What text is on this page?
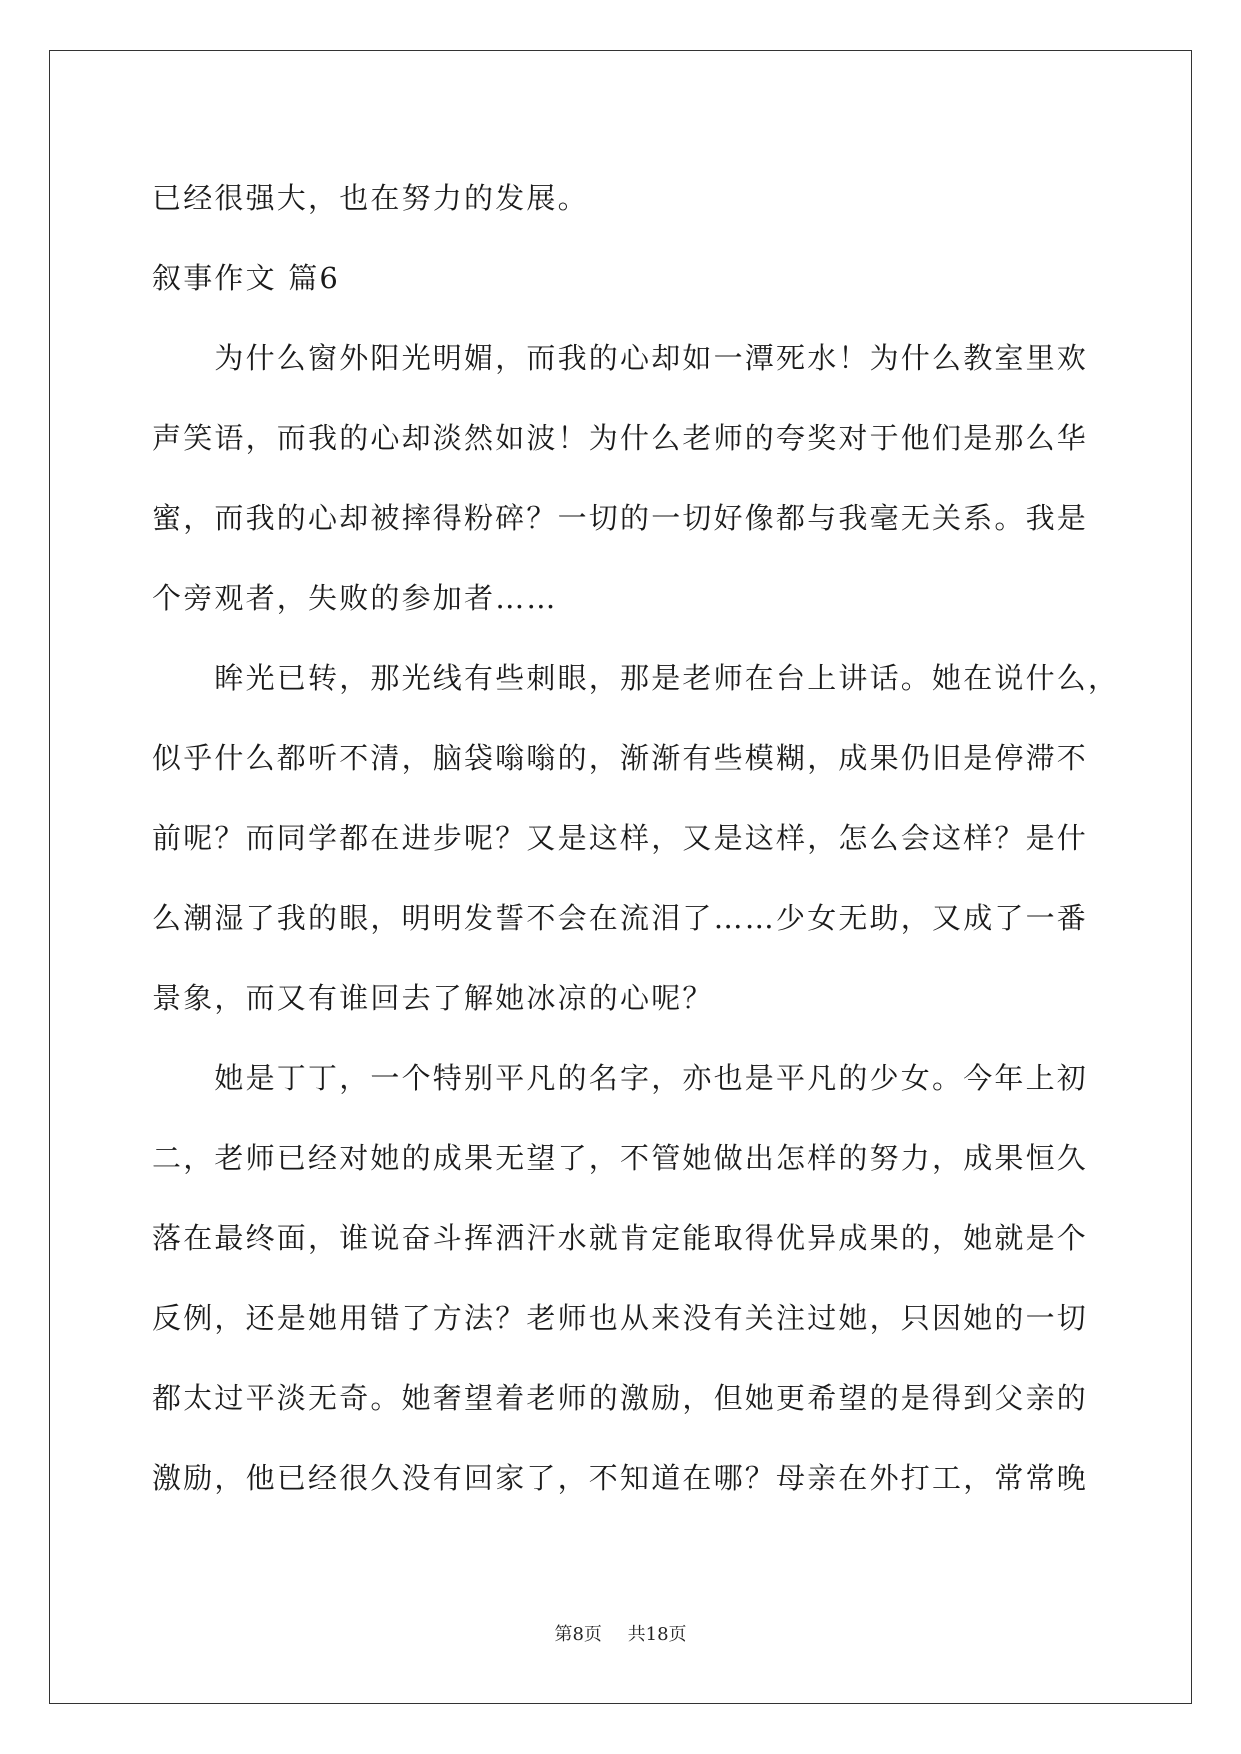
已经很强大，也在努力的发展。
叙事作文 篇6
　　为什么窗外阳光明媚，而我的心却如一潭死水！为什么教室里欢
声笑语，而我的心却淡然如波！为什么老师的夸奖对于他们是那么华
蜜，而我的心却被摔得粉碎？一切的一切好像都与我毫无关系。我是
个旁观者，失败的参加者……
　　眸光已转，那光线有些刺眼，那是老师在台上讲话。她在说什么，
似乎什么都听不清，脑袋嗡嗡的，渐渐有些模糊，成果仍旧是停滞不
前呢？而同学都在进步呢？又是这样，又是这样，怎么会这样？是什
么潮湿了我的眼，明明发誓不会在流泪了……少女无助，又成了一番
景象，而又有谁回去了解她冰凉的心呢？
　　她是丁丁，一个特别平凡的名字，亦也是平凡的少女。今年上初
二，老师已经对她的成果无望了，不管她做出怎样的努力，成果恒久
落在最终面，谁说奋斗挥洒汗水就肯定能取得优异成果的，她就是个
反例，还是她用错了方法？老师也从来没有关注过她，只因她的一切
都太过平淡无奇。她奢望着老师的激励，但她更希望的是得到父亲的
激励，他已经很久没有回家了，不知道在哪？母亲在外打工，常常晚
第8页 共18页
